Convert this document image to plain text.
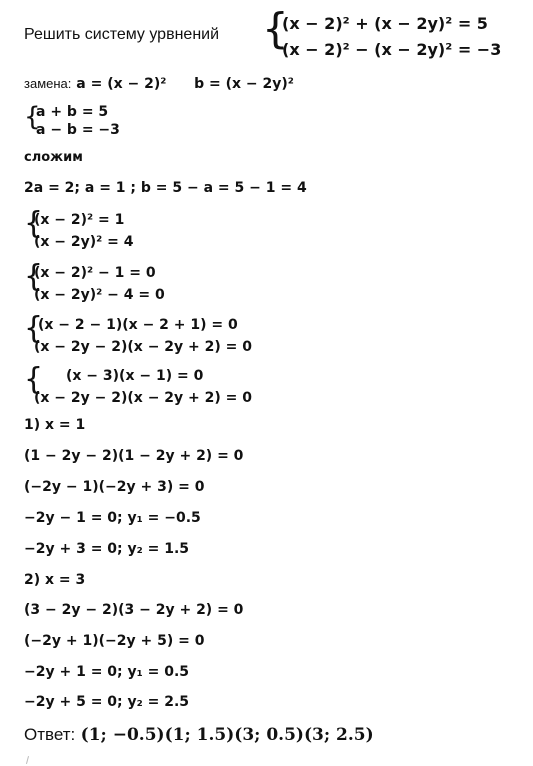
Решить систему урвнений {
(x − 2)² + (x − 2y)² = 5
(x − 2)² − (x − 2y)² = −3
замена: a = (x − 2)² b = (x − 2y)²
{
a + b = 5
a − b = −3
сложим
2a = 2; a = 1 ; b = 5 − a = 5 − 1 = 4
{
(x − 2)² = 1
(x − 2y)² = 4
{
(x − 2)² − 1 = 0
(x − 2y)² − 4 = 0
{
(x − 2 − 1)(x − 2 + 1) = 0
(x − 2y − 2)(x − 2y + 2) = 0
{ (x − 3)(x − 1) = 0
(x − 2y − 2)(x − 2y + 2) = 0
1) x = 1
(1 − 2y − 2)(1 − 2y + 2) = 0
(−2y − 1)(−2y + 3) = 0
−2y − 1 = 0; y₁ = −0.5
−2y + 3 = 0; y₂ = 1.5
2) x = 3
(3 − 2y − 2)(3 − 2y + 2) = 0
(−2y + 1)(−2y + 5) = 0
−2y + 1 = 0; y₁ = 0.5
−2y + 5 = 0; y₂ = 2.5
Ответ: (1; −0.5)(1; 1.5)(3; 0.5)(3; 2.5)
